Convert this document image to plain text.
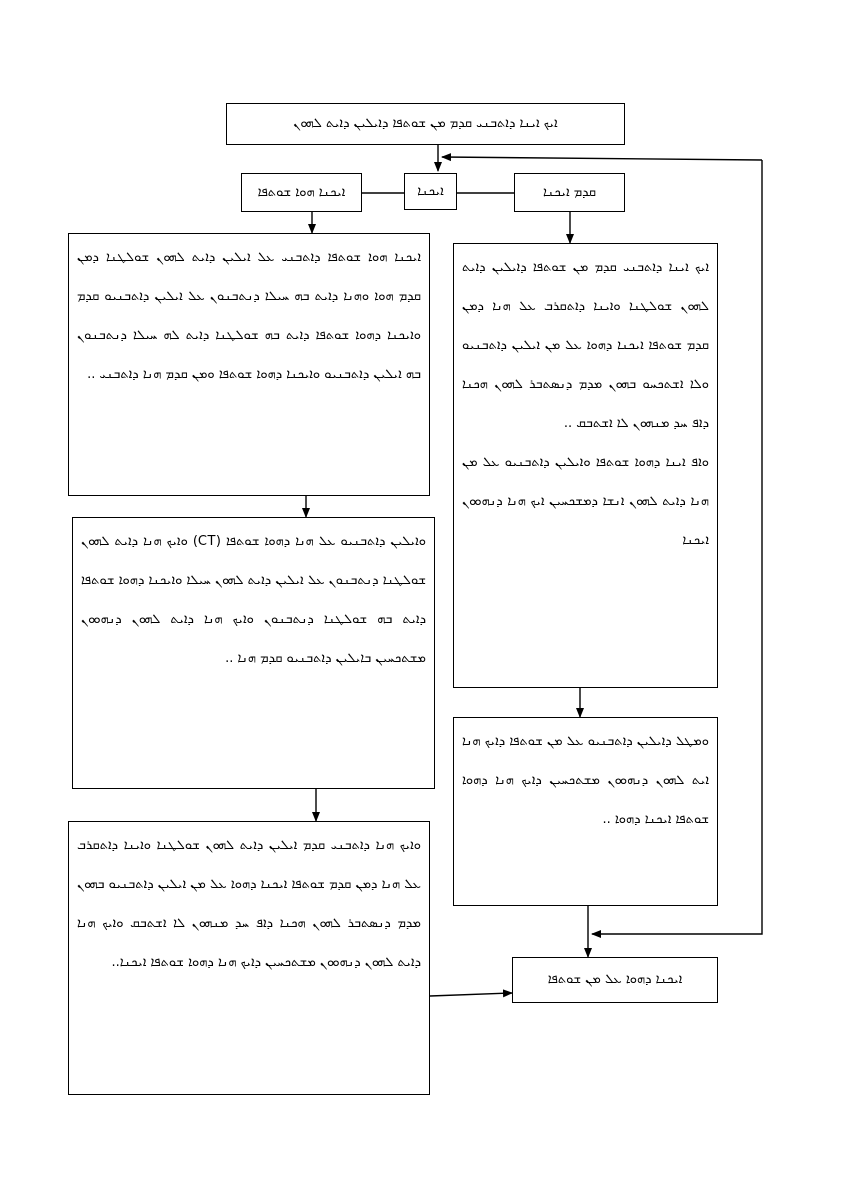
ܐܝܟ ܐܝܢܐ ܕܐܬܒܢܝ ܩܕܡ ܡܢ ܫܘܬܦܐ ܕܐܝܠܝܢ ܕܐܝܬ ܠܗܘܢ
ܐܝܟܢܐ ܗܘܐ ܫܘܬܦܐ	ܐܝܟܢܐ	ܩܕܡ ܐܝܟܢܐ
ܐܝܟܢܐ ܗܘܐ ܫܘܬܦܐ ܕܐܬܒܢܝ ܥܠ ܐܝܠܝܢ ܕܐܝܬ ܠܗܘܢ ܫܘܠܛܢܐ ܕܡܢ ܩܕܡ ܗܘܐ ܘܗܢܐ ܕܐܝܬ ܒܗ ܚܝܠܐ ܕܢܬܒܢܘܢ ܥܠ ܐܝܠܝܢ ܕܐܬܒܢܝܘ ܩܕܡ ܘܐܝܟܢܐ ܕܗܘܐ ܫܘܬܦܐ ܕܐܝܬ ܒܗ ܫܘܠܛܢܐ ܕܐܝܬ ܠܗ ܚܝܠܐ ܕܢܬܒܢܘܢ ܒܗ ܐܝܠܝܢ ܕܐܬܒܢܝܘ ܘܐܝܟܢܐ ܕܗܘܐ ܫܘܬܦܐ ܘܡܢ ܩܕܡ ܗܢܐ ܕܐܬܒܢܝ ..
ܐܝܟ ܐܝܢܐ ܕܐܬܒܢܝ ܩܕܡ ܡܢ ܫܘܬܦܐ ܕܐܝܠܝܢ ܕܐܝܬ ܠܗܘܢ ܫܘܠܛܢܐ ܘܐܝܢܐ ܕܐܬܩܪܒ ܥܠ ܗܢܐ ܕܡܢ ܩܕܡ ܫܘܬܦܐ ܐܝܟܢܐ ܕܗܘܐ ܥܠ ܡܢ ܐܝܠܝܢ ܕܐܬܒܢܝܘ ܘܠܐ ܐܫܬܟܚܘ ܒܗܘܢ ܡܕܡ ܕܢܣܬܒܪ ܠܗܘܢ ܗܟܢܐ ܕܐܦ ܚܕ ܡܢܗܘܢ ܠܐ ܐܫܬܒܩ ..
ܘܐܦ ܐܝܢܐ ܕܗܘܐ ܫܘܬܦܐ ܘܐܝܠܝܢ ܕܐܬܒܢܝܘ ܥܠ ܡܢ ܗܢܐ ܕܐܝܬ ܠܗܘܢ ܐܢܫܐ ܕܡܫܟܚܝܢ ܐܝܟ ܗܢܐ ܕܢܗܘܘܢ ܐܝܟܢܐ
ܘܐܝܠܝܢ ܕܐܬܒܢܝܘ ܥܠ ܗܢܐ ܕܗܘܐ ܫܘܬܦܐ (CT) ܘܐܝܟ ܗܢܐ ܕܐܝܬ ܠܗܘܢ ܫܘܠܛܢܐ ܕܢܬܒܢܘܢ ܥܠ ܐܝܠܝܢ ܕܐܝܬ ܠܗܘܢ ܚܝܠܐ ܘܐܝܟܢܐ ܕܗܘܐ ܫܘܬܦܐ ܕܐܝܬ ܒܗ ܫܘܠܛܢܐ ܕܢܬܒܢܘܢ ܘܐܝܟ ܗܢܐ ܕܐܝܬ ܠܗܘܢ ܕܢܗܘܘܢ ܡܫܬܟܚܝܢ ܒܐܝܠܝܢ ܕܐܬܒܢܝܘ ܩܕܡ ܗܢܐ ..
ܘܡܛܠ ܕܐܝܠܝܢ ܕܐܬܒܢܝܘ ܥܠ ܡܢ ܫܘܬܦܐ ܕܐܝܟ ܗܢܐ ܐܝܬ ܠܗܘܢ ܕܢܗܘܘܢ ܡܫܬܟܚܝܢ ܕܐܝܟ ܗܢܐ ܕܗܘܐ ܫܘܬܦܐ ܐܝܟܢܐ ܕܗܘܐ ..
ܘܐܝܟ ܗܢܐ ܕܐܬܒܢܝ ܩܕܡ ܐܝܠܝܢ ܕܐܝܬ ܠܗܘܢ ܫܘܠܛܢܐ ܘܐܝܢܐ ܕܐܬܩܪܒ ܥܠ ܗܢܐ ܕܡܢ ܩܕܡ ܫܘܬܦܐ ܐܝܟܢܐ ܕܗܘܐ ܥܠ ܡܢ ܐܝܠܝܢ ܕܐܬܒܢܝܘ ܒܗܘܢ ܡܕܡ ܕܢܣܬܒܪ ܠܗܘܢ ܗܟܢܐ ܕܐܦ ܚܕ ܡܢܗܘܢ ܠܐ ܐܫܬܒܩ ܘܐܝܟ ܗܢܐ ܕܐܝܬ ܠܗܘܢ ܕܢܗܘܘܢ ܡܫܬܟܚܝܢ ܕܐܝܟ ܗܢܐ ܕܗܘܐ ܫܘܬܦܐ ܐܝܟܢܐ..
ܐܝܟܢܐ ܕܗܘܐ ܥܠ ܡܢ ܫܘܬܦܐ
